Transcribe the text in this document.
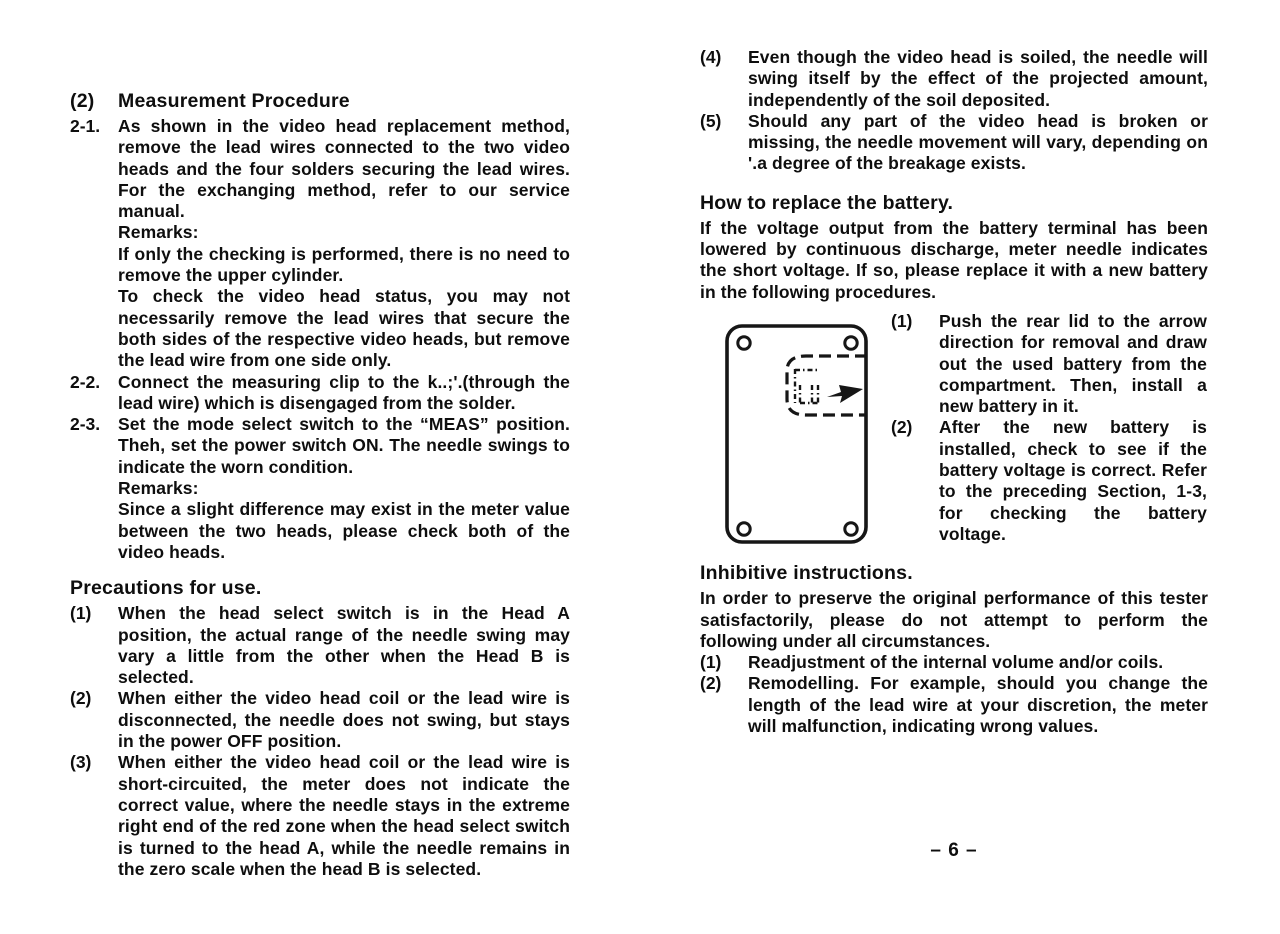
(2) Measurement Procedure
2-1. As shown in the video head replacement method, remove the lead wires connected to the two video heads and the four solders securing the lead wires. For the exchanging method, refer to our service manual.

Remarks:

If only the checking is performed, there is no need to remove the upper cylinder.

To check the video head status, you may not necessarily remove the lead wires that secure the both sides of the respective video heads, but remove the lead wire from one side only.

2-2. Connect the measuring clip to the k..;'.(through the lead wire) which is disengaged from the solder.

2-3. Set the mode select switch to the “MEAS” position. Theh, set the power switch ON. The needle swings to indicate the worn condition.

Remarks:

Since a slight difference may exist in the meter value between the two heads, please check both of the video heads.

Precautions for use.
(1) When the head select switch is in the Head A position, the actual range of the needle swing may vary a little from the other when the Head B is selected.

(2) When either the video head coil or the lead wire is disconnected, the needle does not swing, but stays in the power OFF position.

(3) When either the video head coil or the lead wire is short-circuited, the meter does not indicate the correct value, where the needle stays in the extreme right end of the red zone when the head select switch is turned to the head A, while the needle remains in the zero scale when the head B is selected.

(4) Even though the video head is soiled, the needle will swing itself by the effect of the projected amount, independently of the soil deposited.

(5) Should any part of the video head is broken or missing, the needle movement will vary, depending on '.a degree of the breakage exists.

How to replace the battery.

If the voltage output from the battery terminal has been lowered by continuous discharge, meter needle indicates the short voltage. If so, please replace it with a new battery in the following procedures.

(1) Push the rear lid to the arrow direction for removal and draw out the used battery from the compartment. Then, install a new battery in it.

(2) After the new battery is installed, check to see if the battery voltage is correct. Refer to the preceding Section, 1-3, for checking the battery voltage.

Inhibitive instructions.

In order to preserve the original performance of this tester satisfactorily, please do not attempt to perform the following under all circumstances.

(1) Readjustment of the internal volume and/or coils.

(2) Remodelling. For example, should you change the length of the lead wire at your discretion, the meter will malfunction, indicating wrong values.

– 6 –
